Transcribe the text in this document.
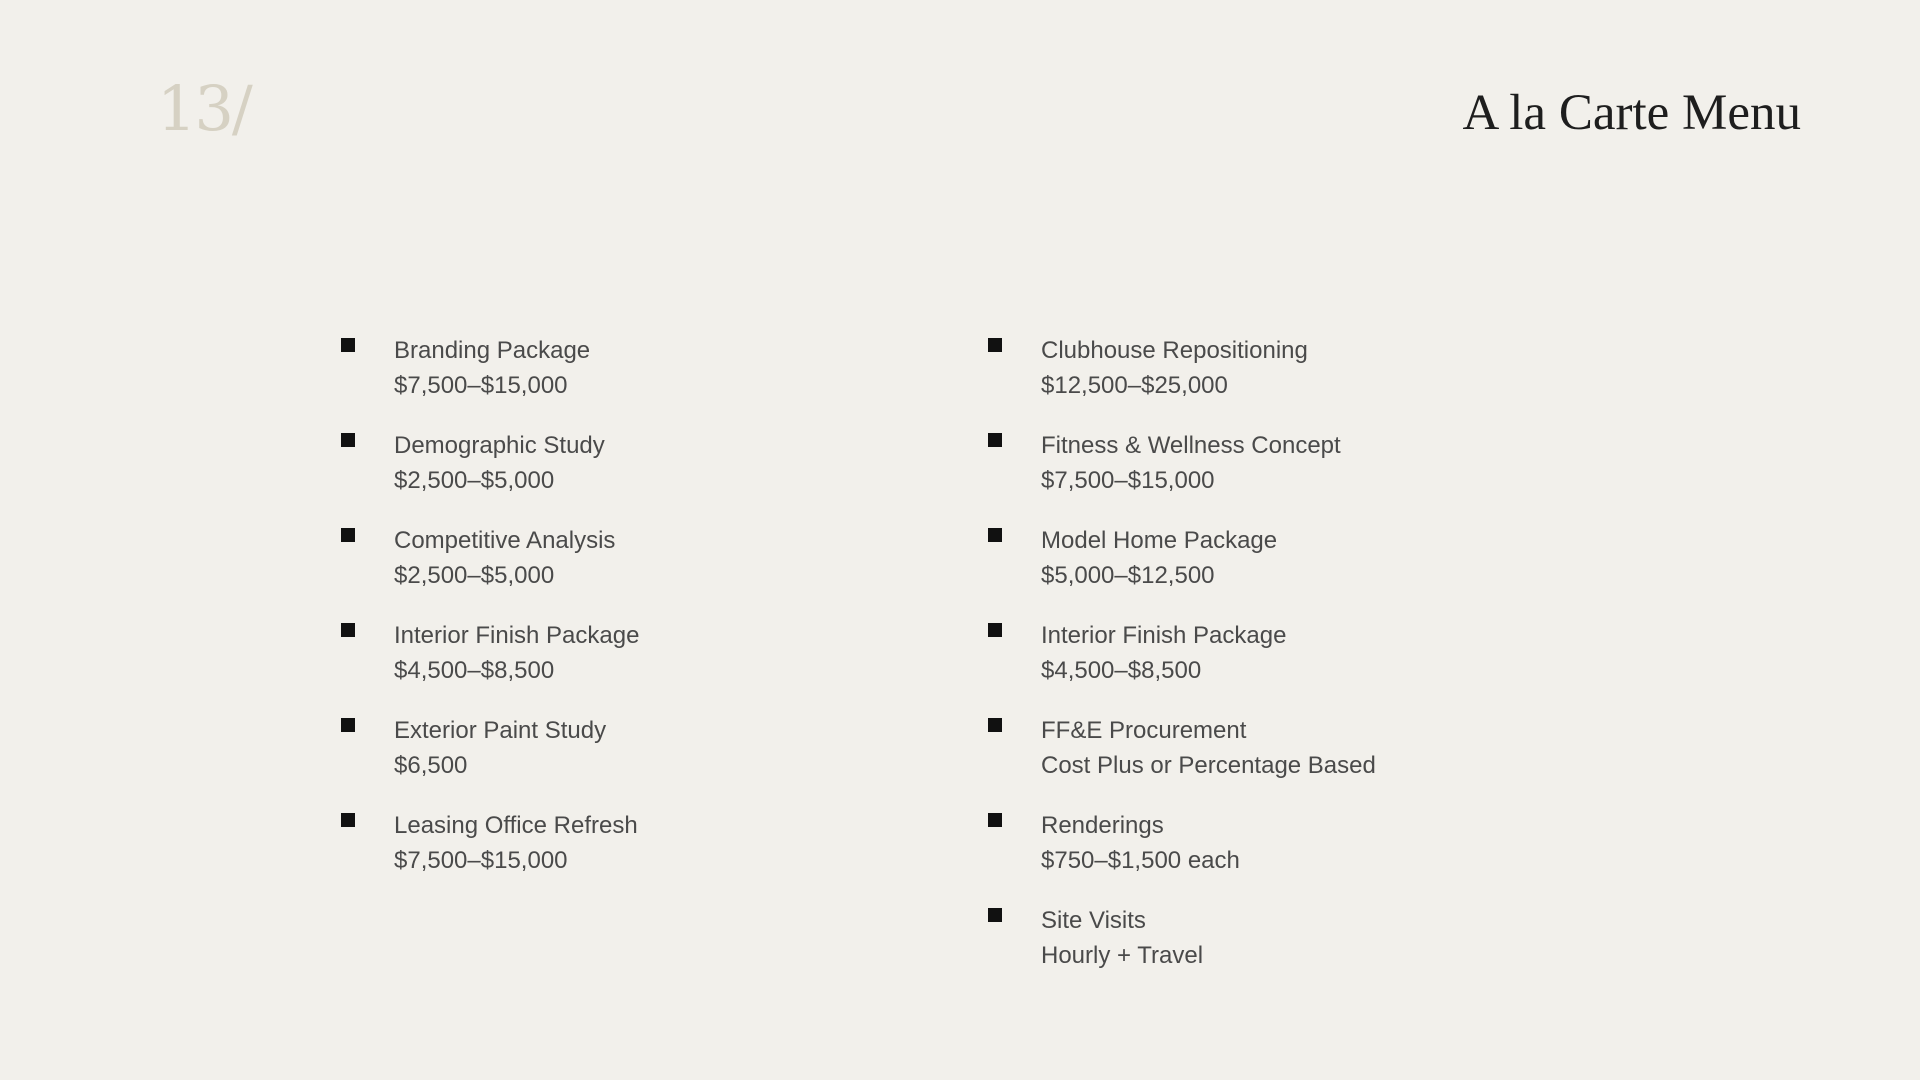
13/	A la Carte Menu
Branding Package
$7,500–$15,000
Demographic Study
$2,500–$5,000
Competitive Analysis
$2,500–$5,000
Interior Finish Package
$4,500–$8,500
Exterior Paint Study
$6,500
Leasing Office Refresh
$7,500–$15,000
Clubhouse Repositioning
$12,500–$25,000
Fitness & Wellness Concept
$7,500–$15,000
Model Home Package
$5,000–$12,500
Interior Finish Package
$4,500–$8,500
FF&E Procurement
Cost Plus or Percentage Based
Renderings
$750–$1,500 each
Site Visits
Hourly + Travel
